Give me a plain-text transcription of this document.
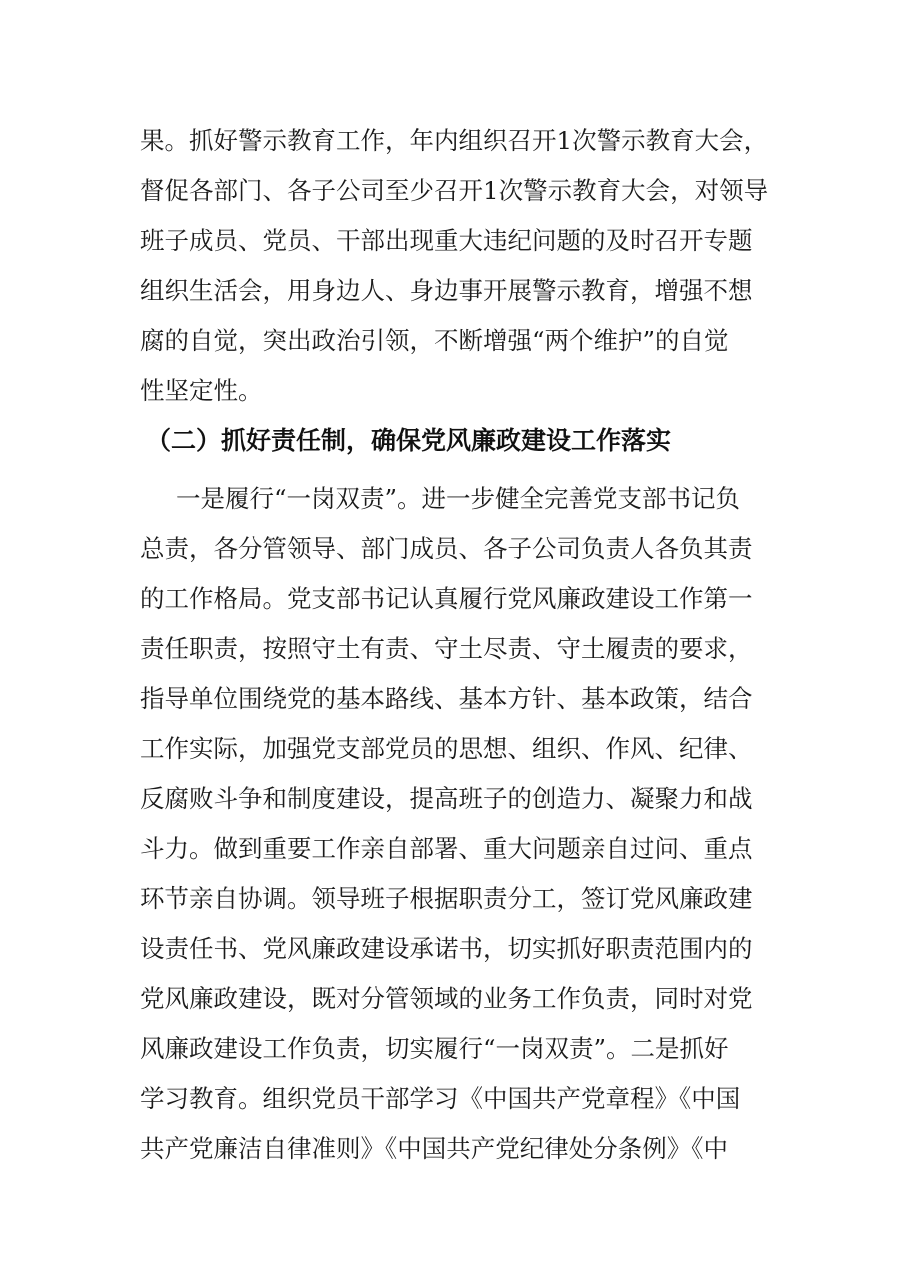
果。抓好警示教育工作，年内组织召开1次警示教育大会，
督促各部门、各子公司至少召开1次警示教育大会，对领导
班子成员、党员、干部出现重大违纪问题的及时召开专题
组织生活会，用身边人、身边事开展警示教育，增强不想
腐的自觉，突出政治引领，不断增强“两个维护”的自觉
性坚定性。
（二）抓好责任制，确保党风廉政建设工作落实
一是履行“一岗双责”。进一步健全完善党支部书记负
总责，各分管领导、部门成员、各子公司负责人各负其责
的工作格局。党支部书记认真履行党风廉政建设工作第一
责任职责，按照守土有责、守土尽责、守土履责的要求，
指导单位围绕党的基本路线、基本方针、基本政策，结合
工作实际，加强党支部党员的思想、组织、作风、纪律、
反腐败斗争和制度建设，提高班子的创造力、凝聚力和战
斗力。做到重要工作亲自部署、重大问题亲自过问、重点
环节亲自协调。领导班子根据职责分工，签订党风廉政建
设责任书、党风廉政建设承诺书，切实抓好职责范围内的
党风廉政建设，既对分管领域的业务工作负责，同时对党
风廉政建设工作负责，切实履行“一岗双责”。二是抓好
学习教育。组织党员干部学习《中国共产党章程》《中国
共产党廉洁自律准则》《中国共产党纪律处分条例》《中
